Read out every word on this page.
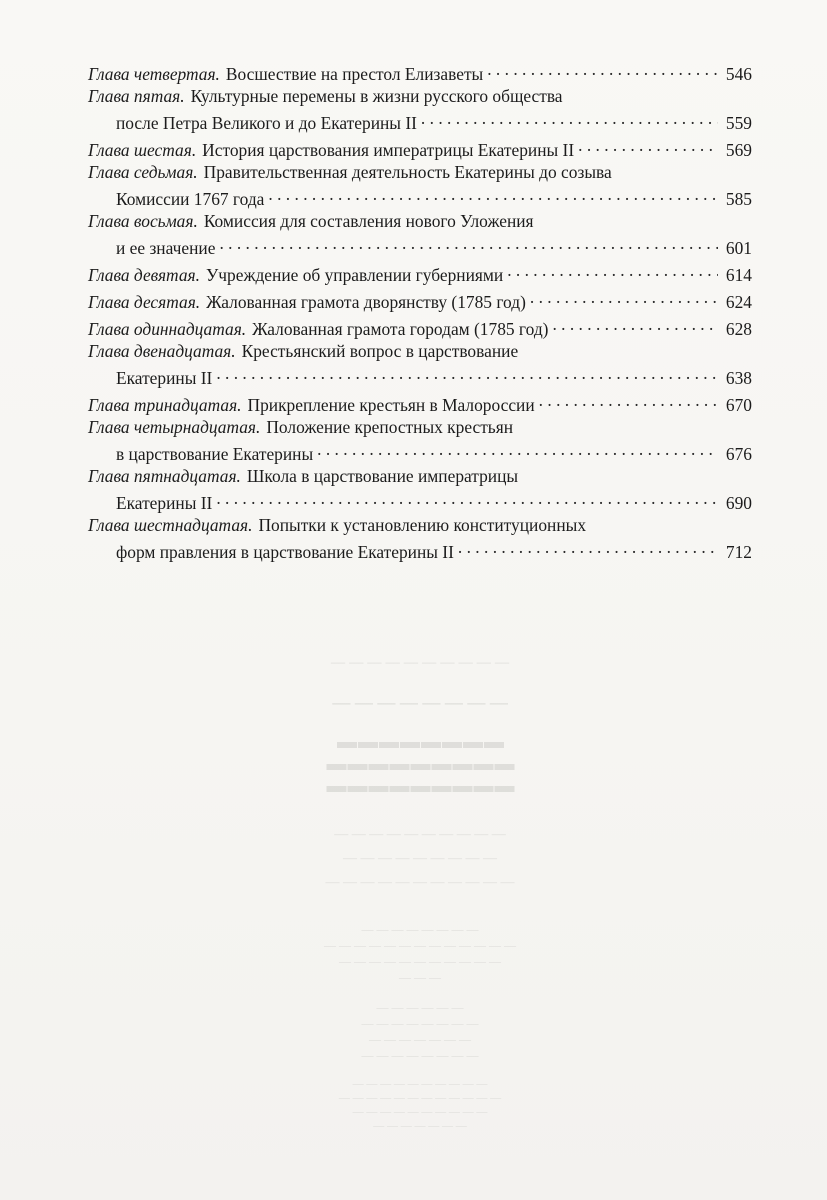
Глава четвертая. Восшествие на престол Елизаветы . . .	546
Глава пятая. Культурные перемены в жизни русского общества
после Петра Великого и до Екатерины II . . .	559
Глава шестая. История царствования императрицы Екатерины II . . .	569
Глава седьмая. Правительственная деятельность Екатерины до созыва
Комиссии 1767 года . . .	585
Глава восьмая. Комиссия для составления нового Уложения
и ее значение . . .	601
Глава девятая. Учреждение об управлении губерниями . . .	614
Глава десятая. Жалованная грамота дворянству (1785 год) . . .	624
Глава одиннадцатая. Жалованная грамота городам (1785 год) . . .	628
Глава двенадцатая. Крестьянский вопрос в царствование
Екатерины II . . .	638
Глава тринадцатая. Прикрепление крестьян в Малороссии . . .	670
Глава четырнадцатая. Положение крепостных крестьян
в царствование Екатерины . . .	676
Глава пятнадцатая. Школа в царствование императрицы
Екатерины II . . .	690
Глава шестнадцатая. Попытки к установлению конституционных
форм правления в царствование Екатерины II . . .	712
— — — — — — — — — —
— — — — — — — —
▬▬▬▬▬▬▬▬
▬▬▬▬▬▬▬▬▬
▬▬▬▬▬▬▬▬▬
— — — — — — — — — —
— — — — — — — — —
— — — — — — — — — — —
— — — — — — — —
— — — — — — — — — — — — —
— — — — — — — — — — —
— — —
— — — — — —
— — — — — — — —
— — — — — — —
— — — — — — — —
— — — — — — — — — —
— — — — — — — — — — — —
— — — — — — — — — —
— — — — — — —
